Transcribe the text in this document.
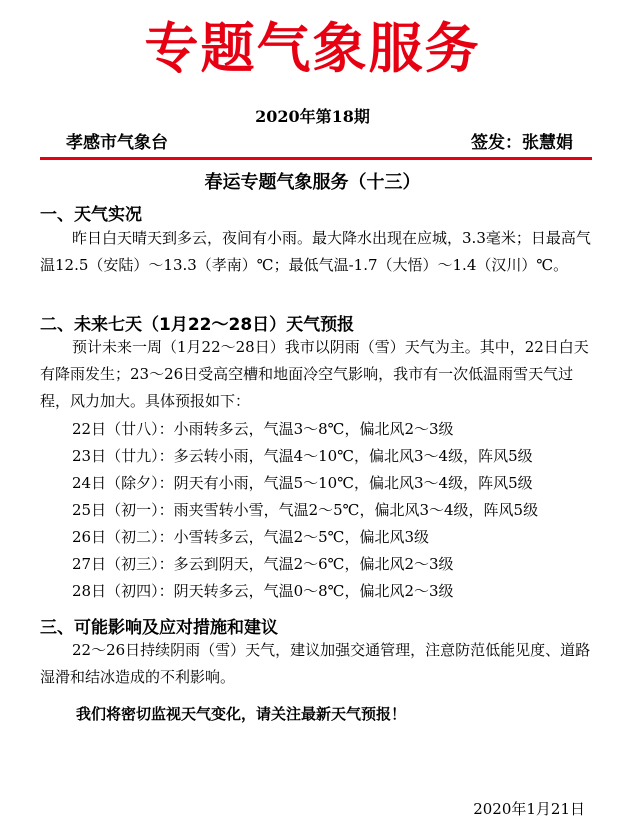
专题气象服务
2020年第18期
孝感市气象台	签发：张慧娟
春运专题气象服务（十三）
一、天气实况
昨日白天晴天到多云，夜间有小雨。最大降水出现在应城，3.3毫米；日最高气温12.5（安陆）～13.3（孝南）℃；最低气温-1.7（大悟）～1.4（汉川）℃。
二、未来七天（1月22～28日）天气预报
预计未来一周（1月22～28日）我市以阴雨（雪）天气为主。其中，22日白天有降雨发生；23～26日受高空槽和地面冷空气影响，我市有一次低温雨雪天气过程，风力加大。具体预报如下：
22日（廿八）：小雨转多云，气温3～8℃，偏北风2～3级
23日（廿九）：多云转小雨，气温4～10℃，偏北风3～4级，阵风5级
24日（除夕）：阴天有小雨，气温5～10℃，偏北风3～4级，阵风5级
25日（初一）：雨夹雪转小雪，气温2～5℃，偏北风3～4级，阵风5级
26日（初二）：小雪转多云，气温2～5℃，偏北风3级
27日（初三）：多云到阴天，气温2～6℃，偏北风2～3级
28日（初四）：阴天转多云，气温0～8℃，偏北风2～3级
三、可能影响及应对措施和建议
22～26日持续阴雨（雪）天气，建议加强交通管理，注意防范低能见度、道路湿滑和结冰造成的不利影响。
我们将密切监视天气变化，请关注最新天气预报！
2020年1月21日
